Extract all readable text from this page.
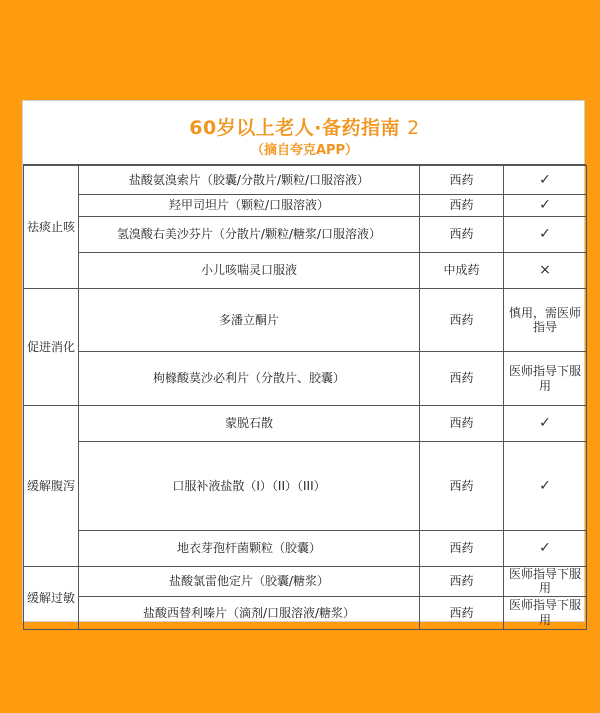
60岁以上老人·备药指南 2
（摘自夸克APP）
祛痰止咳	盐酸氨溴索片（胶囊/分散片/颗粒/口服溶液）	西药	✓
	羟甲司坦片（颗粒/口服溶液）	西药	✓
	氢溴酸右美沙芬片（分散片/颗粒/糖浆/口服溶液）	西药	✓
	小儿咳喘灵口服液	中成药	×
促进消化	多潘立酮片	西药	慎用，需医师指导
	枸橼酸莫沙必利片（分散片、胶囊）	西药	医师指导下服用
缓解腹泻	蒙脱石散	西药	✓
	口服补液盐散（I）（II）（III）	西药	✓
	地衣芽孢杆菌颗粒（胶囊）	西药	✓
缓解过敏	盐酸氯雷他定片（胶囊/糖浆）	西药	医师指导下服用
	盐酸西替利嗪片（滴剂/口服溶液/糖浆）	西药	医师指导下服用
